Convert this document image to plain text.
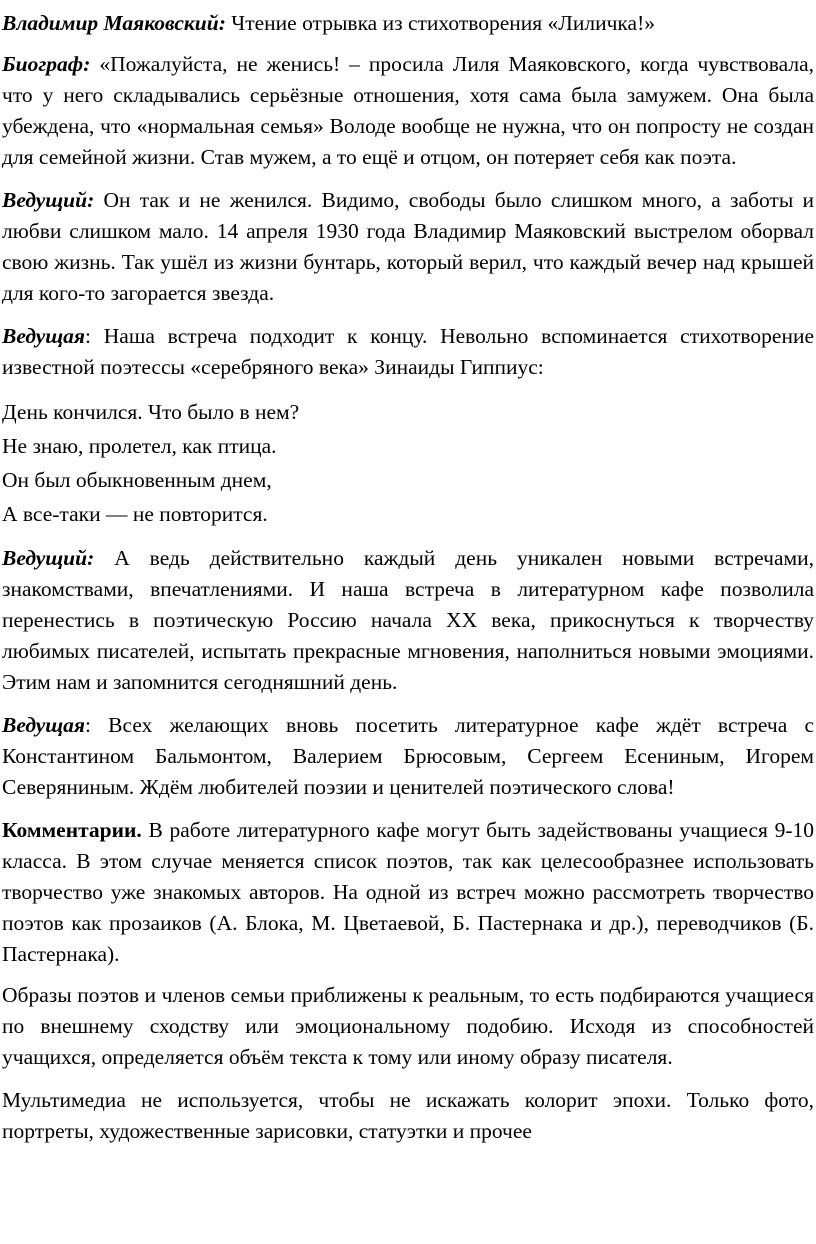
Владимир Маяковский: Чтение отрывка из стихотворения «Лиличка!»

Биограф: «Пожалуйста, не женись! – просила Лиля Маяковского, когда чувствовала, что у него складывались серьёзные отношения, хотя сама была замужем. Она была убеждена, что «нормальная семья» Володе вообще не нужна, что он попросту не создан для семейной жизни. Став мужем, а то ещё и отцом, он потеряет себя как поэта.

Ведущий: Он так и не женился. Видимо, свободы было слишком много, а заботы и любви слишком мало. 14 апреля 1930 года Владимир Маяковский выстрелом оборвал свою жизнь. Так ушёл из жизни бунтарь, который верил, что каждый вечер над крышей для кого-то загорается звезда.

Ведущая: Наша встреча подходит к концу. Невольно вспоминается стихотворение известной поэтессы «серебряного века» Зинаиды Гиппиус:

День кончился. Что было в нем?
Не знаю, пролетел, как птица.
Он был обыкновенным днем,
А все-таки — не повторится.

Ведущий: А ведь действительно каждый день уникален новыми встречами, знакомствами, впечатлениями. И наша встреча в литературном кафе позволила перенестись в поэтическую Россию начала XX века, прикоснуться к творчеству любимых писателей, испытать прекрасные мгновения, наполниться новыми эмоциями. Этим нам и запомнится сегодняшний день.

Ведущая: Всех желающих вновь посетить литературное кафе ждёт встреча с Константином Бальмонтом, Валерием Брюсовым, Сергеем Есениным, Игорем Северяниным. Ждём любителей поэзии и ценителей поэтического слова!

Комментарии. В работе литературного кафе могут быть задействованы учащиеся 9-10 класса. В этом случае меняется список поэтов, так как целесообразнее использовать творчество уже знакомых авторов. На одной из встреч можно рассмотреть творчество поэтов как прозаиков (А. Блока, М. Цветаевой, Б. Пастернака и др.), переводчиков (Б. Пастернака).

Образы поэтов и членов семьи приближены к реальным, то есть подбираются учащиеся по внешнему сходству или эмоциональному подобию. Исходя из способностей учащихся, определяется объём текста к тому или иному образу писателя.

Мультимедиа не используется, чтобы не искажать колорит эпохи. Только фото, портреты, художественные зарисовки, статуэтки и прочее
